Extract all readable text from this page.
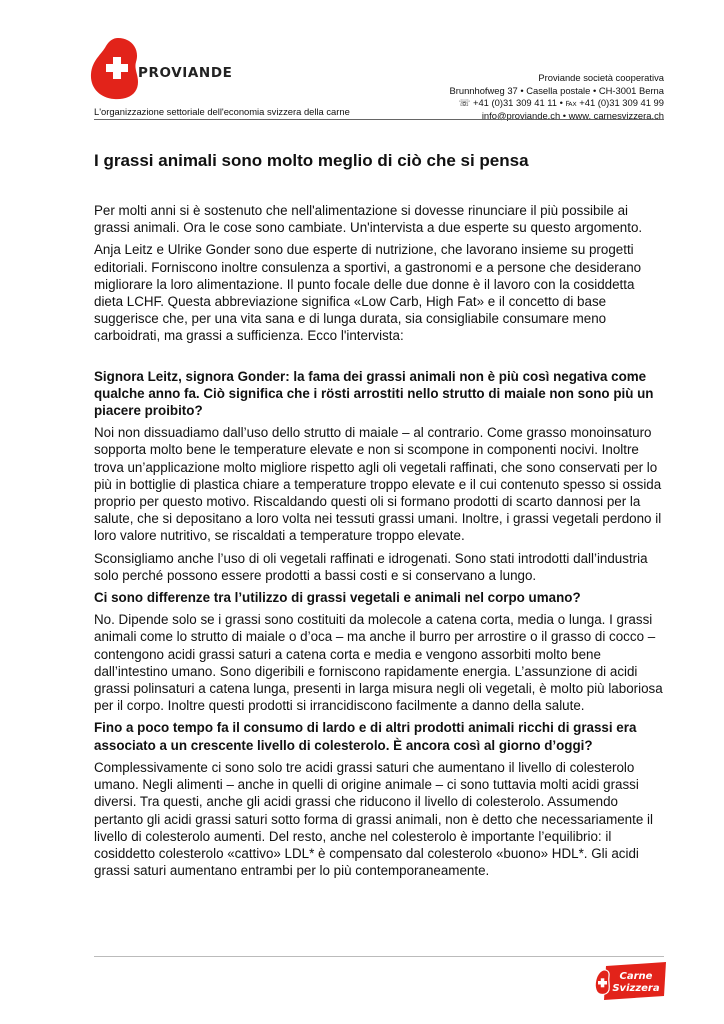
PROVIANDE	Proviande società cooperativa
Brunnhofweg 37 • Casella postale • CH-3001 Berna
☏ +41 (0)31 309 41 11 • ℻ +41 (0)31 309 41 99
info@proviande.ch • www. carnesvizzera.ch
L'organizzazione settoriale dell'economia svizzera della carne
I grassi animali sono molto meglio di ciò che si pensa

Per molti anni si è sostenuto che nell'alimentazione si dovesse rinunciare il più possibile ai grassi animali. Ora le cose sono cambiate. Un'intervista a due esperte su questo argomento.

Anja Leitz e Ulrike Gonder sono due esperte di nutrizione, che lavorano insieme su progetti editoriali. Forniscono inoltre consulenza a sportivi, a gastronomi e a persone che desiderano migliorare la loro alimentazione. Il punto focale delle due donne è il lavoro con la cosiddetta dieta LCHF. Questa abbreviazione significa «Low Carb, High Fat» e il concetto di base suggerisce che, per una vita sana e di lunga durata, sia consigliabile consumare meno carboidrati, ma grassi a sufficienza. Ecco l'intervista:

Signora Leitz, signora Gonder: la fama dei grassi animali non è più così negativa come qualche anno fa. Ciò significa che i rösti arrostiti nello strutto di maiale non sono più un piacere proibito?

Noi non dissuadiamo dall’uso dello strutto di maiale – al contrario. Come grasso monoinsaturo sopporta molto bene le temperature elevate e non si scompone in componenti nocivi. Inoltre trova un’applicazione molto migliore rispetto agli oli vegetali raffinati, che sono conservati per lo più in bottiglie di plastica chiare a temperature troppo elevate e il cui contenuto spesso si ossida proprio per questo motivo. Riscaldando questi oli si formano prodotti di scarto dannosi per la salute, che si depositano a loro volta nei tessuti grassi umani. Inoltre, i grassi vegetali perdono il loro valore nutritivo, se riscaldati a temperature troppo elevate.

Sconsigliamo anche l’uso di oli vegetali raffinati e idrogenati. Sono stati introdotti dall’industria solo perché possono essere prodotti a bassi costi e si conservano a lungo.

Ci sono differenze tra l’utilizzo di grassi vegetali e animali nel corpo umano?

No. Dipende solo se i grassi sono costituiti da molecole a catena corta, media o lunga. I grassi animali come lo strutto di maiale o d’oca – ma anche il burro per arrostire o il grasso di cocco – contengono acidi grassi saturi a catena corta e media e vengono assorbiti molto bene dall’intestino umano. Sono digeribili e forniscono rapidamente energia. L’assunzione di acidi grassi polinsaturi a catena lunga, presenti in larga misura negli oli vegetali, è molto più laboriosa per il corpo. Inoltre questi prodotti si irrancidiscono facilmente a danno della salute.

Fino a poco tempo fa il consumo di lardo e di altri prodotti animali ricchi di grassi era associato a un crescente livello di colesterolo. È ancora così al giorno d’oggi?

Complessivamente ci sono solo tre acidi grassi saturi che aumentano il livello di colesterolo umano. Negli alimenti – anche in quelli di origine animale – ci sono tuttavia molti acidi grassi diversi. Tra questi, anche gli acidi grassi che riducono il livello di colesterolo. Assumendo pertanto gli acidi grassi saturi sotto forma di grassi animali, non è detto che necessariamente il livello di colesterolo aumenti. Del resto, anche nel colesterolo è importante l’equilibrio: il cosiddetto colesterolo «cattivo» LDL* è compensato dal colesterolo «buono» HDL*. Gli acidi grassi saturi aumentano entrambi per lo più contemporaneamente.

Carne
Svizzera
